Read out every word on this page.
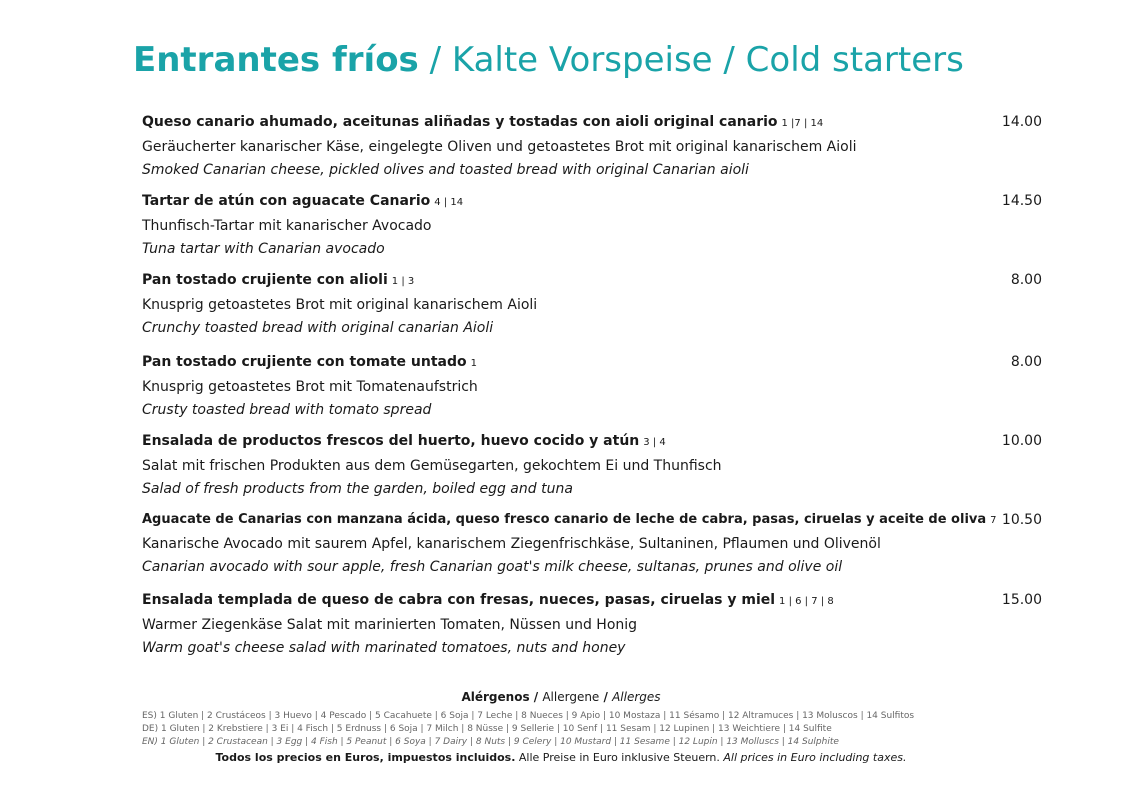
Entrantes fríos / Kalte Vorspeise / Cold starters
Queso canario ahumado, aceitunas aliñadas y tostadas con aioli original canario 1 |7 | 14
Geräucherter kanarischer Käse, eingelegte Oliven und getoastetes Brot mit original kanarischem Aioli
Smoked Canarian cheese, pickled olives and toasted bread with original Canarian aioli
14.00
Tartar de atún con aguacate Canario 4 | 14
Thunfisch-Tartar mit kanarischer Avocado
Tuna tartar with Canarian avocado
14.50
Pan tostado crujiente con alioli 1 | 3
Knusprig getoastetes Brot mit original kanarischem Aioli
Crunchy toasted bread with original canarian Aioli
8.00
Pan tostado crujiente con tomate untado 1
Knusprig getoastetes Brot mit Tomatenaufstrich
Crusty toasted bread with tomato spread
8.00
Ensalada de productos frescos del huerto, huevo cocido y atún 3 | 4
Salat mit frischen Produkten aus dem Gemüsegarten, gekochtem Ei und Thunfisch
Salad of fresh products from the garden, boiled egg and tuna
10.00
Aguacate de Canarias con manzana ácida, queso fresco canario de leche de cabra, pasas, ciruelas y aceite de oliva 7
Kanarische Avocado mit saurem Apfel, kanarischem Ziegenfrischkäse, Sultaninen, Pflaumen und Olivenöl
Canarian avocado with sour apple, fresh Canarian goat's milk cheese, sultanas, prunes and olive oil
10.50
Ensalada templada de queso de cabra con fresas, nueces, pasas, ciruelas y miel 1 | 6 | 7 | 8
Warmer Ziegenkäse Salat mit marinierten Tomaten, Nüssen und Honig
Warm goat's cheese salad with marinated tomatoes, nuts and honey
15.00
Alérgenos / Allergene / Allerges
ES) 1 Gluten | 2 Crustáceos | 3 Huevo | 4 Pescado | 5 Cacahuete | 6 Soja | 7 Leche | 8 Nueces | 9 Apio | 10 Mostaza | 11 Sésamo | 12 Altramuces | 13 Moluscos | 14 Sulfitos
DE) 1 Gluten | 2 Krebstiere | 3 Ei | 4 Fisch | 5 Erdnuss | 6 Soja | 7 Milch | 8 Nüsse | 9 Sellerie | 10 Senf | 11 Sesam | 12 Lupinen | 13 Weichtiere | 14 Sulfite
EN) 1 Gluten | 2 Crustacean | 3 Egg | 4 Fish | 5 Peanut | 6 Soya | 7 Dairy | 8 Nuts | 9 Celery | 10 Mustard | 11 Sesame | 12 Lupin | 13 Molluscs | 14 Sulphite
Todos los precios en Euros, impuestos incluidos. Alle Preise in Euro inklusive Steuern. All prices in Euro including taxes.
